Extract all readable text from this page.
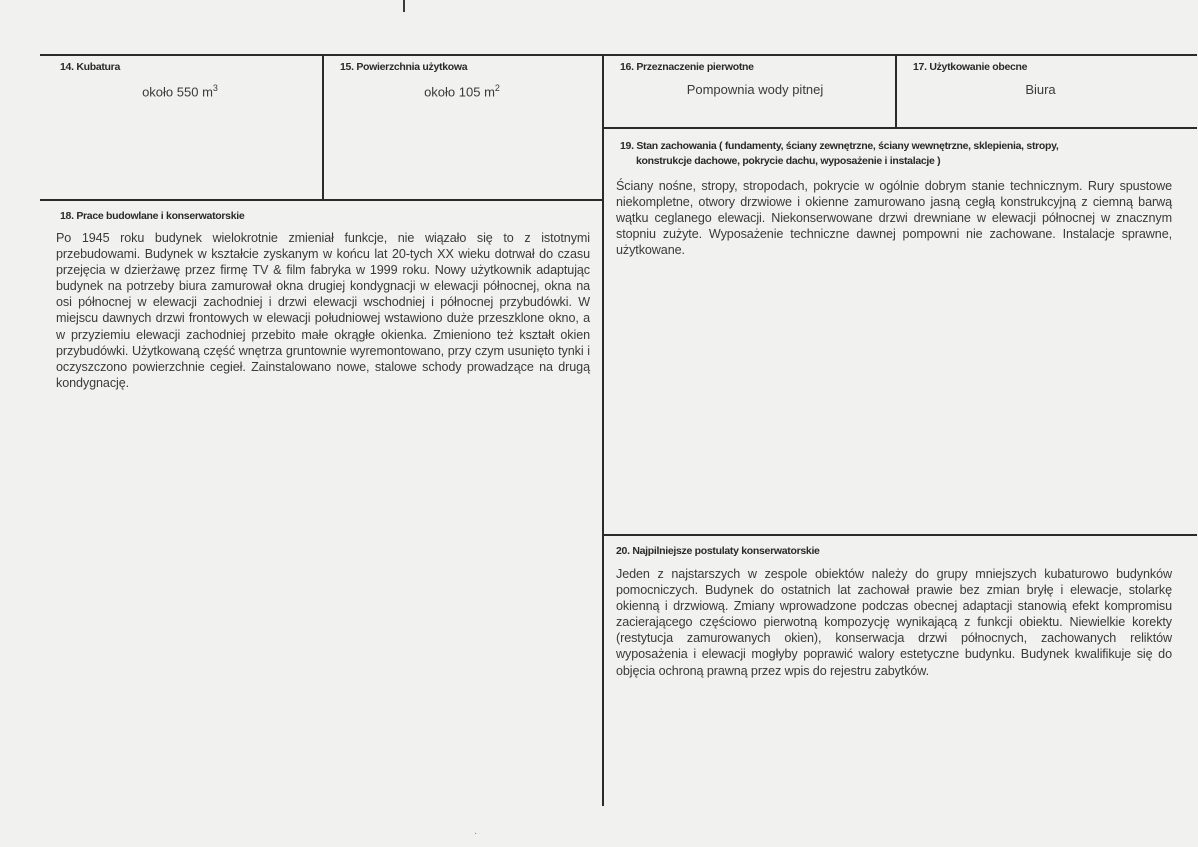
14. Kubatura
około 550 $m^3$
15. Powierzchnia użytkowa
około 105 $m^2$
16. Przeznaczenie pierwotne
Pompownia wody pitnej
17. Użytkowanie obecne
Biura
18. Prace budowlane i konserwatorskie
Po 1945 roku budynek wielokrotnie zmieniał funkcje, nie wiązało się to z istotnymi przebudowami. Budynek w kształcie zyskanym w końcu lat 20-tych XX wieku dotrwał do czasu przejęcia w dzierżawę przez firmę TV & film fabryka w 1999 roku. Nowy użytkownik adaptując budynek na potrzeby biura zamurował okna drugiej kondygnacji w elewacji północnej, okna na osi północnej w elewacji zachodniej i drzwi elewacji wschodniej i północnej przybudówki. W miejscu dawnych drzwi frontowych w elewacji południowej wstawiono duże przeszklone okno, a w przyziemiu elewacji zachodniej przebito małe okrągłe okienka. Zmieniono też kształt okien przybudówki. Użytkowaną część wnętrza gruntownie wyremontowano, przy czym usunięto tynki i oczyszczono powierzchnie cegieł. Zainstalowano nowe, stalowe schody prowadzące na drugą kondygnację.
19. Stan zachowania ( fundamenty, ściany zewnętrzne, ściany wewnętrzne, sklepienia, stropy,
konstrukcje dachowe, pokrycie dachu, wyposażenie i instalacje )
Ściany nośne, stropy, stropodach, pokrycie w ogólnie dobrym stanie technicznym. Rury spustowe niekompletne, otwory drzwiowe i okienne zamurowano jasną cegłą konstrukcyjną z ciemną barwą wątku ceglanego elewacji. Niekonserwowane drzwi drewniane w elewacji północnej w znacznym stopniu zużyte. Wyposażenie techniczne dawnej pompowni nie zachowane. Instalacje sprawne, użytkowane.
20. Najpilniejsze postulaty konserwatorskie
Jeden z najstarszych w zespole obiektów należy do grupy mniejszych kubaturowo budynków pomocniczych. Budynek do ostatnich lat zachował prawie bez zmian bryłę i elewacje, stolarkę okienną i drzwiową. Zmiany wprowadzone podczas obecnej adaptacji stanowią efekt kompromisu zacierającego częściowo pierwotną kompozycję wynikającą z funkcji obiektu. Niewielkie korekty (restytucja zamurowanych okien), konserwacja drzwi północnych, zachowanych reliktów wyposażenia i elewacji mogłyby poprawić walory estetyczne budynku. Budynek kwalifikuje się do objęcia ochroną prawną przez wpis do rejestru zabytków.
·
